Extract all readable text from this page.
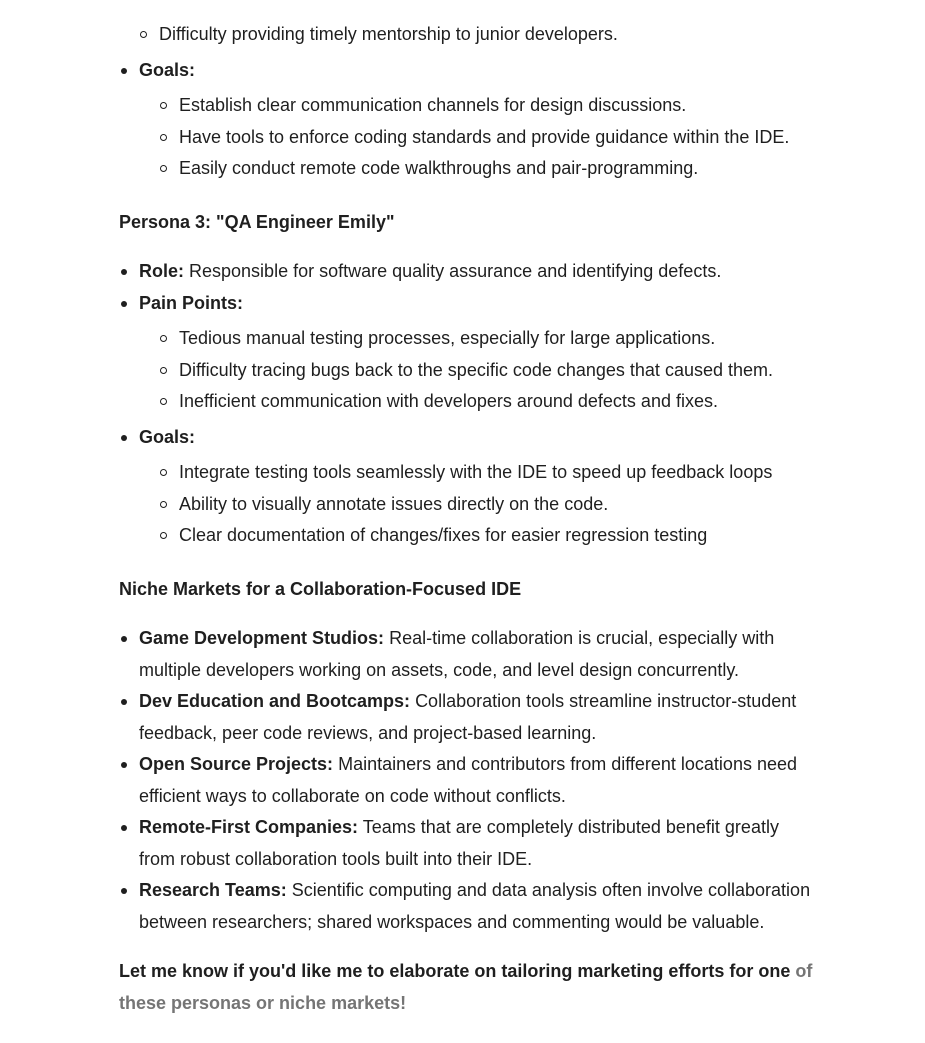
Difficulty providing timely mentorship to junior developers.
Goals:
Establish clear communication channels for design discussions.
Have tools to enforce coding standards and provide guidance within the IDE.
Easily conduct remote code walkthroughs and pair-programming.
Persona 3: "QA Engineer Emily"
Role: Responsible for software quality assurance and identifying defects.
Pain Points:
Tedious manual testing processes, especially for large applications.
Difficulty tracing bugs back to the specific code changes that caused them.
Inefficient communication with developers around defects and fixes.
Goals:
Integrate testing tools seamlessly with the IDE to speed up feedback loops
Ability to visually annotate issues directly on the code.
Clear documentation of changes/fixes for easier regression testing
Niche Markets for a Collaboration-Focused IDE
Game Development Studios: Real-time collaboration is crucial, especially with multiple developers working on assets, code, and level design concurrently.
Dev Education and Bootcamps: Collaboration tools streamline instructor-student feedback, peer code reviews, and project-based learning.
Open Source Projects: Maintainers and contributors from different locations need efficient ways to collaborate on code without conflicts.
Remote-First Companies: Teams that are completely distributed benefit greatly from robust collaboration tools built into their IDE.
Research Teams: Scientific computing and data analysis often involve collaboration between researchers; shared workspaces and commenting would be valuable.
Let me know if you'd like me to elaborate on tailoring marketing efforts for one of these personas or niche markets!
